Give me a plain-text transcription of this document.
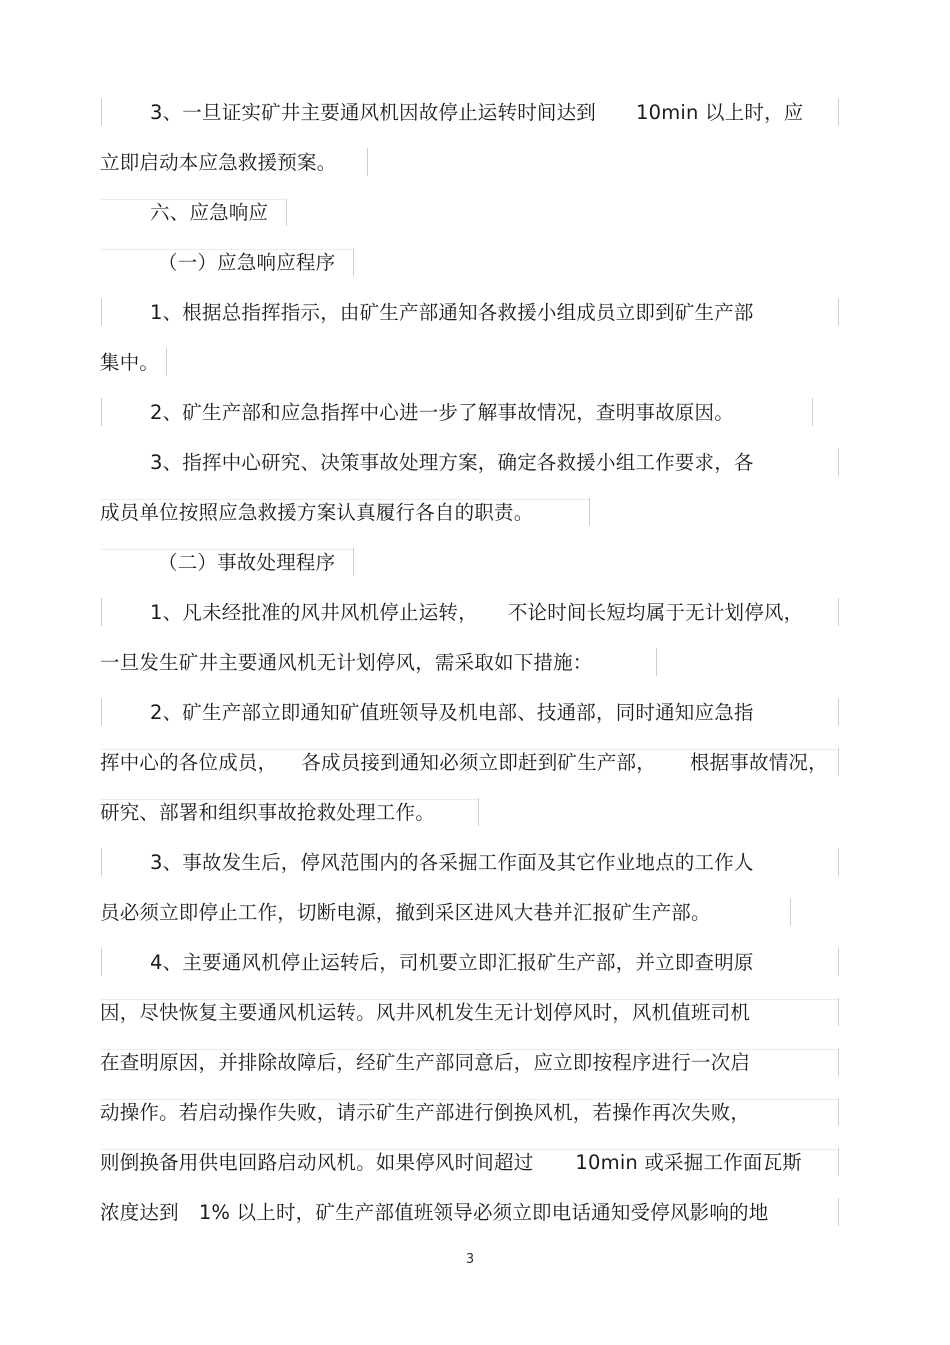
3、一旦证实矿井主要通风机因故停止运转时间达到 10min 以上时，应
立即启动本应急救援预案。
六、应急响应
（一）应急响应程序
1、根据总指挥指示，由矿生产部通知各救援小组成员立即到矿生产部
集中。
2、矿生产部和应急指挥中心进一步了解事故情况，查明事故原因。
3、指挥中心研究、决策事故处理方案，确定各救援小组工作要求，各
成员单位按照应急救援方案认真履行各自的职责。
（二）事故处理程序
1、凡未经批准的风井风机停止运转， 不论时间长短均属于无计划停风，
一旦发生矿井主要通风机无计划停风，需采取如下措施：
2、矿生产部立即通知矿值班领导及机电部、技通部，同时通知应急指
挥中心的各位成员， 各成员接到通知必须立即赶到矿生产部， 根据事故情况，
研究、部署和组织事故抢救处理工作。
3、事故发生后，停风范围内的各采掘工作面及其它作业地点的工作人
员必须立即停止工作，切断电源，撤到采区进风大巷并汇报矿生产部。
4、主要通风机停止运转后，司机要立即汇报矿生产部，并立即查明原
因，尽快恢复主要通风机运转。风井风机发生无计划停风时，风机值班司机
在查明原因，并排除故障后，经矿生产部同意后，应立即按程序进行一次启
动操作。若启动操作失败，请示矿生产部进行倒换风机，若操作再次失败，
则倒换备用供电回路启动风机。如果停风时间超过 10min 或采掘工作面瓦斯
浓度达到 1% 以上时，矿生产部值班领导必须立即电话通知受停风影响的地
3
